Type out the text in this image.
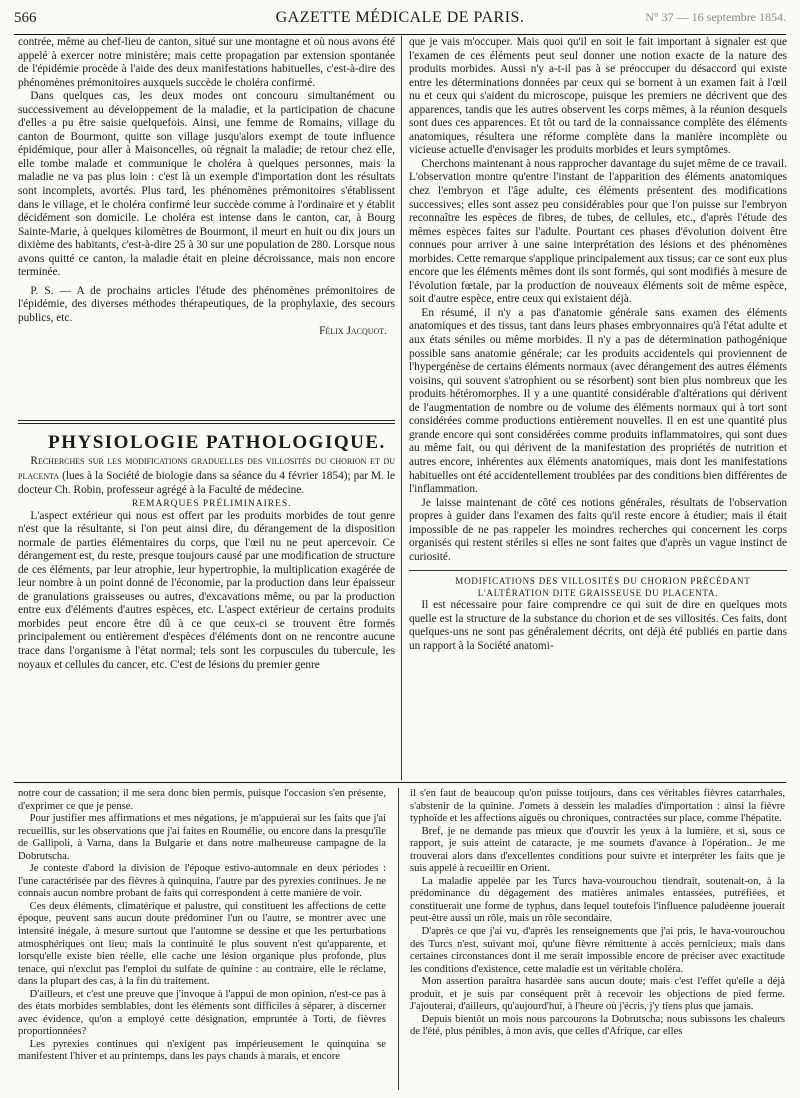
566	GAZETTE MÉDICALE DE PARIS.	N° 37 — 16 septembre 1854.

contrée, même au chef-lieu de canton, situé sur une montagne et où nous avons été appelé à exercer notre ministère; mais cette propagation par extension spontanée de l'épidémie procède à l'aide des deux manifestations habituelles, c'est-à-dire des phénomènes prémonitoires auxquels succède le choléra confirmé.

Dans quelques cas, les deux modes ont concouru simultanément ou successivement au développement de la maladie, et la participation de chacune d'elles a pu être saisie quelquefois. Ainsi, une femme de Romains, village du canton de Bourmont, quitte son village jusqu'alors exempt de toute influence épidémique, pour aller à Maisoncelles, où régnait la maladie; de retour chez elle, elle tombe malade et communique le choléra à quelques personnes, mais la maladie ne va pas plus loin : c'est là un exemple d'importation dont les résultats sont incomplets, avortés. Plus tard, les phénomènes prémonitoires s'établissent dans le village, et le choléra confirmé leur succède comme à l'ordinaire et y établit décidément son domicile. Le choléra est intense dans le canton, car, à Bourg Sainte-Marie, à quelques kilomètres de Bourmont, il meurt en huit ou dix jours un dixième des habitants, c'est-à-dire 25 à 30 sur une population de 280. Lorsque nous avons quitté ce canton, la maladie était en pleine décroissance, mais non encore terminée.

P. S. — A de prochains articles l'étude des phénomènes prémonitoires de l'épidémie, des diverses méthodes thérapeutiques, de la prophylaxie, des secours publics, etc.

Félix Jacquot.

PHYSIOLOGIE PATHOLOGIQUE.

Recherches sur les modifications graduelles des villosités du chorion et du placenta (lues à la Société de biologie dans sa séance du 4 février 1854); par M. le docteur Ch. Robin, professeur agrégé à la Faculté de médecine.

REMARQUES PRÉLIMINAIRES.

L'aspect extérieur qui nous est offert par les produits morbides de tout genre n'est que la résultante, si l'on peut ainsi dire, du dérangement de la disposition normale de parties élémentaires du corps, que l'œil nu ne peut apercevoir. Ce dérangement est, du reste, presque toujours causé par une modification de structure de ces éléments, par leur atrophie, leur hypertrophie, la multiplication exagérée de leur nombre à un point donné de l'économie, par la production dans leur épaisseur de granulations graisseuses ou autres, d'excavations même, ou par la production entre eux d'éléments d'autres espèces, etc. L'aspect extérieur de certains produits morbides peut encore être dû à ce que ceux-ci se trouvent être formés principalement ou entièrement d'espèces d'éléments dont on ne rencontre aucune trace dans l'organisme à l'état normal; tels sont les corpuscules du tubercule, les noyaux et cellules du cancer, etc. C'est de lésions du premier genre

que je vais m'occuper. Mais quoi qu'il en soit le fait important à signaler est que l'examen de ces éléments peut seul donner une notion exacte de la nature des produits morbides. Aussi n'y a-t-il pas à se préoccuper du désaccord qui existe entre les déterminations données par ceux qui se bornent à un examen fait à l'œil nu et ceux qui s'aident du microscope, puisque les premiers ne décrivent que des apparences, tandis que les autres observent les corps mêmes, à la réunion desquels sont dues ces apparences. Et tôt ou tard de la connaissance complète des éléments anatomiques, résultera une réforme complète dans la manière incomplète ou vicieuse actuelle d'envisager les produits morbides et leurs symptômes.

Cherchons maintenant à nous rapprocher davantage du sujet même de ce travail. L'observation montre qu'entre l'instant de l'apparition des éléments anatomiques chez l'embryon et l'âge adulte, ces éléments présentent des modifications successives; elles sont assez peu considérables pour que l'on puisse sur l'embryon reconnaître les espèces de fibres, de tubes, de cellules, etc., d'après l'étude des mêmes espèces faites sur l'adulte. Pourtant ces phases d'évolution doivent être connues pour arriver à une saine interprétation des lésions et des phénomènes morbides. Cette remarque s'applique principalement aux tissus; car ce sont eux plus encore que les éléments mêmes dont ils sont formés, qui sont modifiés à mesure de l'évolution fœtale, par la production de nouveaux éléments soit de même espèce, soit d'autre espèce, entre ceux qui existaient déjà.

En résumé, il n'y a pas d'anatomie générale sans examen des éléments anatomiques et des tissus, tant dans leurs phases embryonnaires qu'à l'état adulte et aux états séniles ou même morbides. Il n'y a pas de détermination pathogénique possible sans anatomie générale; car les produits accidentels qui proviennent de l'hypergénèse de certains éléments normaux (avec dérangement des autres éléments voisins, qui souvent s'atrophient ou se résorbent) sont bien plus nombreux que les produits hétéromorphes. Il y a une quantité considérable d'altérations qui dérivent de l'augmentation de nombre ou de volume des éléments normaux qui à tort sont considérées comme productions entièrement nouvelles. Il en est une quantité plus grande encore qui sont considérées comme produits inflammatoires, qui sont dues au même fait, ou qui dérivent de la manifestation des propriétés de nutrition et autres encore, inhérentes aux éléments anatomiques, mais dont les manifestations habituelles ont été accidentellement troublées par des conditions bien différentes de l'inflammation.

Je laisse maintenant de côté ces notions générales, résultats de l'observation propres à guider dans l'examen des faits qu'il reste encore à étudier; mais il était impossible de ne pas rappeler les moindres recherches qui concernent les corps organisés qui restent stériles si elles ne sont faites que d'après un vague instinct de curiosité.

MODIFICATIONS DES VILLOSITÉS DU CHORION PRÉCÉDANT L'ALTÉRATION DITE GRAISSEUSE DU PLACENTA.

Il est nécessaire pour faire comprendre ce qui suit de dire en quelques mots quelle est la structure de la substance du chorion et de ses villosités. Ces faits, dont quelques-uns ne sont pas généralement décrits, ont déjà été publiés en partie dans un rapport à la Société anatomi-

notre cour de cassation; il me sera donc bien permis, puisque l'occasion s'en présente, d'exprimer ce que je pense.

Pour justifier mes affirmations et mes négations, je m'appuierai sur les faits que j'ai recueillis, sur les observations que j'ai faites en Roumélie, ou encore dans la presqu'île de Gallipoli, à Varna, dans la Bulgarie et dans notre malheureuse campagne de la Dobrutscha.

Je conteste d'abord la division de l'époque estivo-automnale en deux périodes : l'une caractérisée par des fièvres à quinquina, l'autre par des pyrexies continues. Je ne connais aucun nombre probant de faits qui correspondent à cette manière de voir.

Ces deux éléments, climatérique et palustre, qui constituent les affections de cette époque, peuvent sans aucun doute prédominer l'un ou l'autre, se montrer avec une intensité inégale, à mesure surtout que l'automne se dessine et que les perturbations atmosphériques ont lieu; mais la continuité le plus souvent n'est qu'apparente, et lorsqu'elle existe bien réelle, elle cache une lésion organique plus profonde, plus tenace, qui n'exclut pas l'emploi du sulfate de quinine : au contraire, elle le réclame, dans la plupart des cas, à la fin du traitement.

D'ailleurs, et c'est une preuve que j'invoque à l'appui de mon opinion, n'est-ce pas à des états morbides semblables, dont les éléments sont difficiles à séparer, à discerner avec évidence, qu'on a employé cette désignation, empruntée à Torti, de fièvres proportionnées?

Les pyrexies continues qui n'exigent pas impérieusement le quinquina se manifestent l'hiver et au printemps, dans les pays chauds à marais, et encore

il s'en faut de beaucoup qu'on puisse toujours, dans ces véritables fièvres catarrhales, s'abstenir de la quinine. J'omets à dessein les maladies d'importation : ainsi la fièvre typhoïde et les affections aiguës ou chroniques, contractées sur place, comme l'hépatite.

Bref, je ne demande pas mieux que d'ouvrir les yeux à la lumière, et si, sous ce rapport, je suis atteint de cataracte, je me soumets d'avance à l'opération.. Je me trouverai alors dans d'excellentes conditions pour suivre et interpréter les faits que je suis appelé à recueillir en Orient.

La maladie appelée par les Turcs hava-vourouchou tiendrait, soutenait-on, à la prédominance du dégagement des matières animales entassées, putréfiées, et constituerait une forme de typhus, dans lequel toutefois l'influence paludéenne jouerait peut-être aussi un rôle, mais un rôle secondaire.

D'après ce que j'ai vu, d'après les renseignements que j'ai pris, le hava-vourouchou des Turcs n'est, suivant moi, qu'une fièvre rémittente à accès pernicieux; mais dans certaines circonstances dont il me serait impossible encore de préciser avec exactitude les conditions d'existence, cette maladie est un véritable choléra.

Mon assertion paraîtra hasardée sans aucun doute; mais c'est l'effet qu'elle a déjà produit, et je suis par conséquent prêt à recevoir les objections de pied ferme. J'ajouterai, d'ailleurs, qu'aujourd'hui, à l'heure où j'écris, j'y tiens plus que jamais.

Depuis bientôt un mois nous parcourons la Dobrutscha; nous subissons les chaleurs de l'été, plus pénibles, à mon avis, que celles d'Afrique, car elles
